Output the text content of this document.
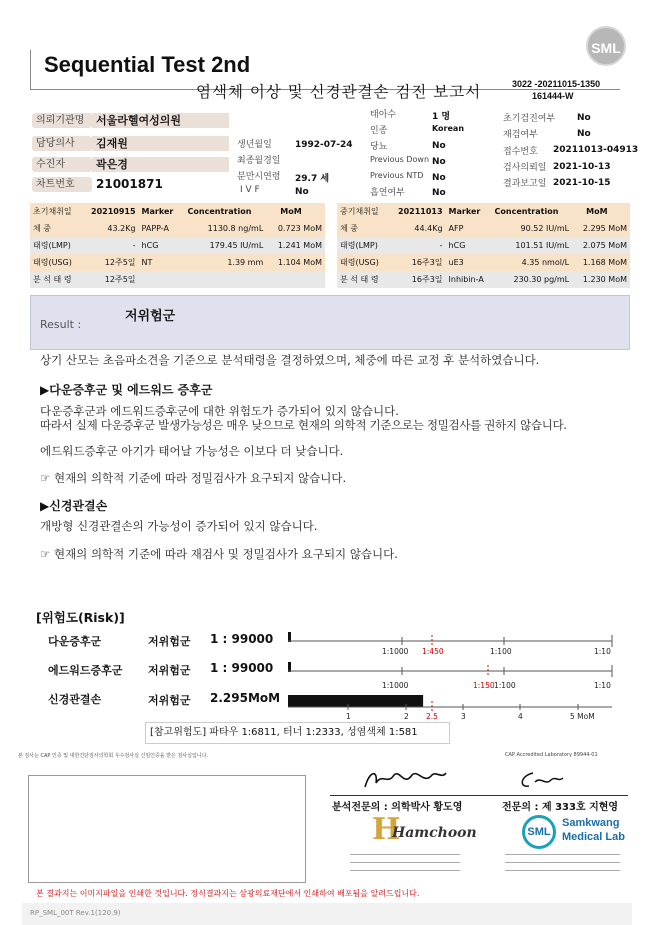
SML
Sequential Test 2nd
염색체 이상 및 신경관결손 검진 보고서	3022 -20211015-1350
161444-W
의뢰기관명	서울라헬여성의원
담당의사	김재원
수진자	곽은경
차트번호	21001871
생년월일	1992-07-24
최종월경일
분만시연령 29.7 세
I V F	No
태아수	1 명
인종	Korean
당뇨	No
Previous Down No
Previous NTD No
흡연여부	No
초기검진여부 No
재검여부	No
접수번호 20211013-04913
검사의뢰일 2021-10-13
결과보고일 2021-10-15
초기채취일	20210915	Marker	Concentration	MoM
체 중	43.2Kg	PAPP-A	1130.8 ng/mL	0.723 MoM
태령(LMP)	-	hCG	179.45 IU/mL	1.241 MoM
태령(USG)	12주5일	NT	1.39 mm	1.104 MoM
분 석 태 령	12주5일			
중기채취일	20211013	Marker	Concentration	MoM
체 중	44.4Kg	AFP	90.52 IU/mL	2.295 MoM
태령(LMP)	-	hCG	101.51 IU/mL	2.075 MoM
태령(USG)	16주3일	uE3	4.35 nmol/L	1.168 MoM
분 석 태 령	16주3일	Inhibin-A	230.30 pg/mL	1.230 MoM
Result :
저위험군
상기 산모는 초음파소견을 기준으로 분석태령을 결정하였으며, 체중에 따른 교정 후 분석하였습니다.
▶다운증후군 및 에드워드 증후군
다운증후군과 에드워드증후군에 대한 위험도가 증가되어 있지 않습니다.
따라서 실제 다운증후군 발생가능성은 매우 낮으므로 현재의 의학적 기준으로는 정밀검사를 권하지 않습니다.
에드워드증후군 아기가 태어날 가능성은 이보다 더 낮습니다.
☞ 현재의 의학적 기준에 따라 정밀검사가 요구되지 않습니다.
▶신경관결손
개방형 신경관결손의 가능성이 증가되어 있지 않습니다.
☞ 현재의 의학적 기준에 따라 재검사 및 정밀검사가 요구되지 않습니다.
[위험도(Risk)]
다운증후군	저위험군 1 : 99000
에드워드증후군 저위험군 1 : 99000
신경관결손	저위험군 2.295MoM
1:1000 1:450	1:100	1:10
1:1000	1:150 1:100	1:10
1	2 2.5	3	4	5 MoM
[참고위험도] 파타우 1:6811, 터너 1:2333, 성염색체 1:581
본 검사는 CAP 인증 및 대한진단검사의학회 우수검사실 신임인증을 받은 검사실입니다.	CAP Accredited Laboratory 89944-01
분석전문의 : 의학박사 황도영	전문의 : 제 333호 지현영
H
Hamchoon	SML
Samkwang
Medical Lab
본 결과지는 이미지파일을 인쇄한 것입니다. 정식결과지는 삼광의료재단에서 인쇄하여 배포됨을 알려드립니다.
RP_SML_00T Rev.1(120.9)
